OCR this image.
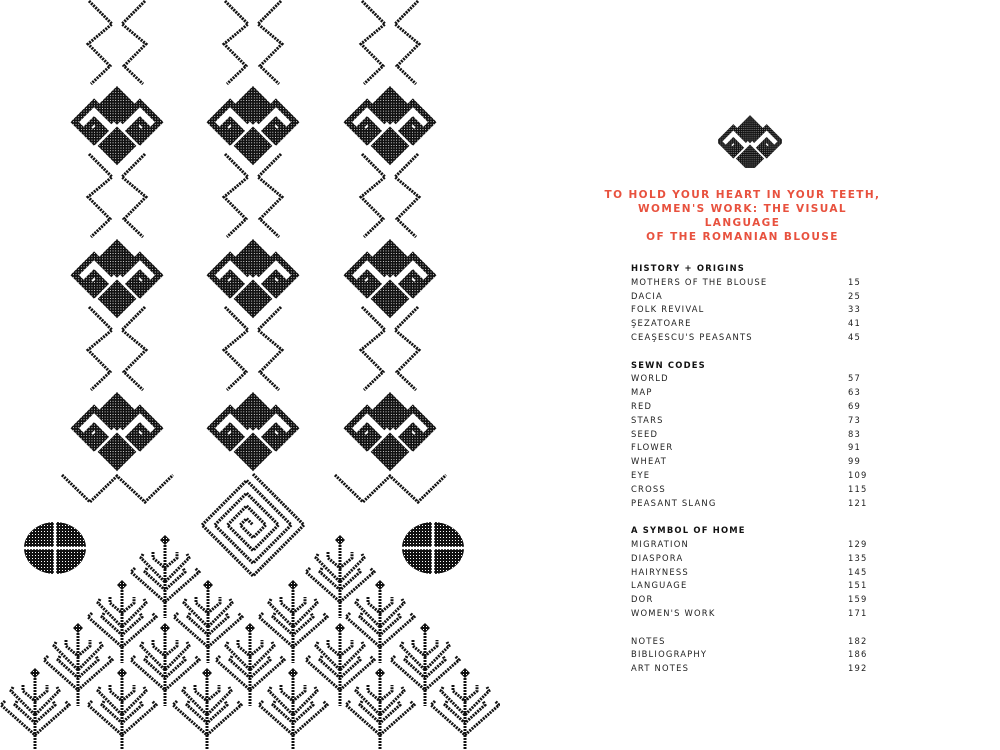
TO HOLD YOUR HEART IN YOUR TEETH,
WOMEN'S WORK: THE VISUAL LANGUAGE
OF THE ROMANIAN BLOUSE
HISTORY + ORIGINS
MOTHERS OF THE BLOUSE	15
DACIA	25
FOLK REVIVAL	33
ŞEZATOARE	41
CEAŞESCU'S PEASANTS	45
SEWN CODES
WORLD	57
MAP	63
RED	69
STARS	73
SEED	83
FLOWER	91
WHEAT	99
EYE	109
CROSS	115
PEASANT SLANG	121
A SYMBOL OF HOME
MIGRATION	129
DIASPORA	135
HAIRYNESS	145
LANGUAGE	151
DOR	159
WOMEN'S WORK	171
NOTES	182
BIBLIOGRAPHY	186
ART NOTES	192
